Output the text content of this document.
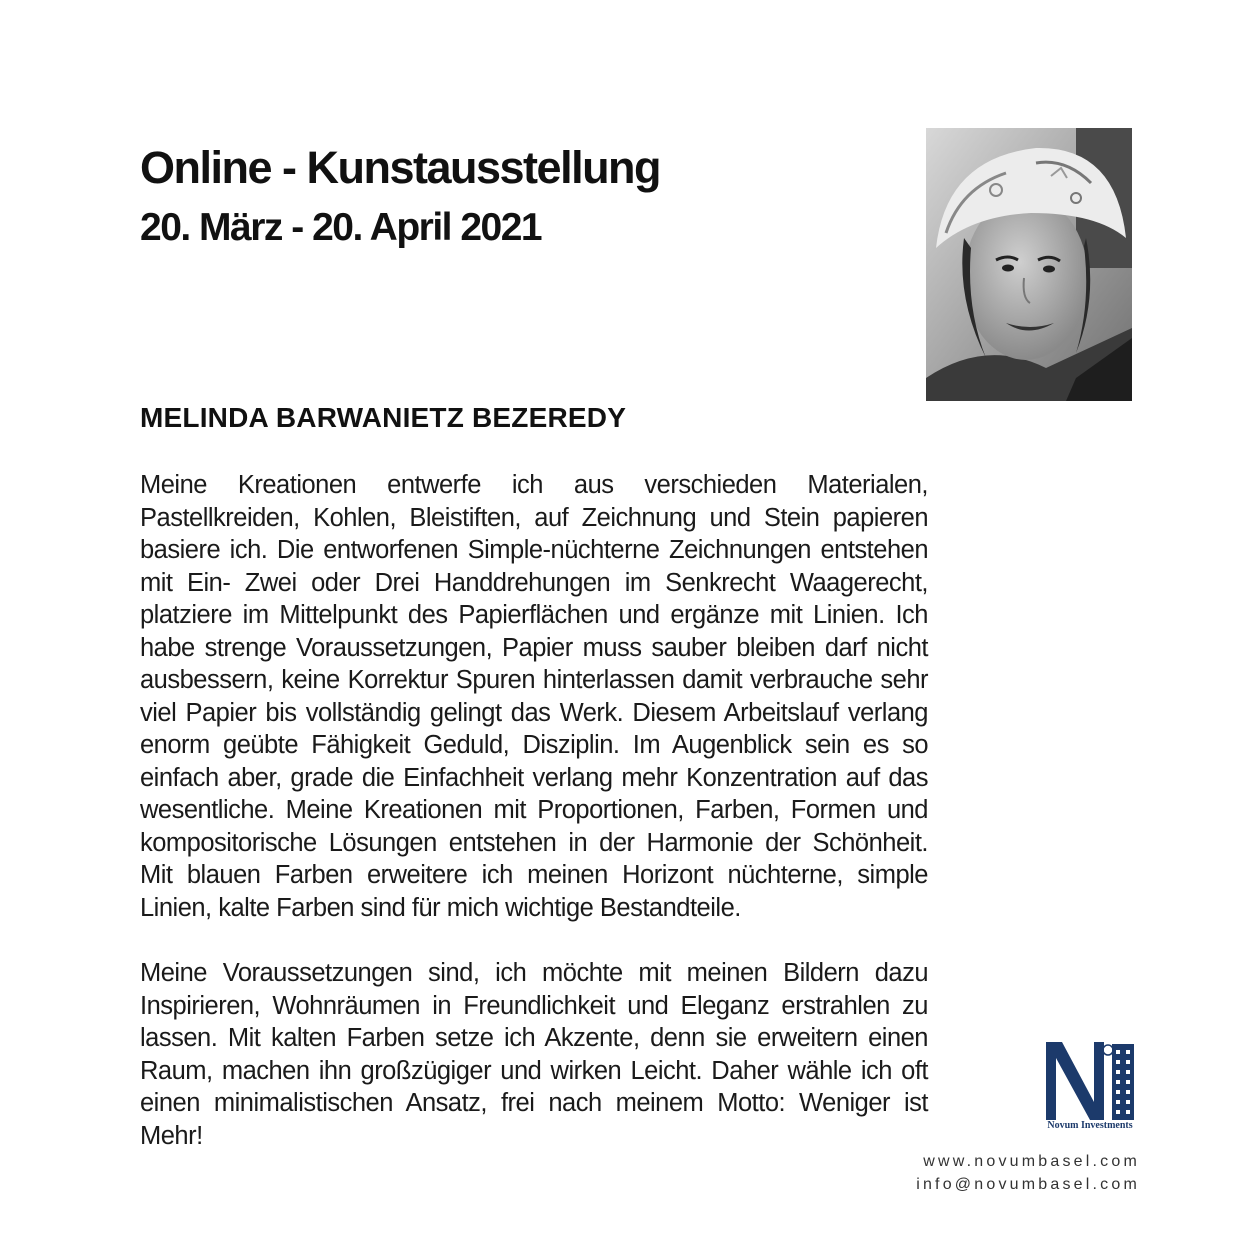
Online - Kunstausstellung
20. März - 20. April 2021
MELINDA BARWANIETZ BEZEREDY

Meine Kreationen entwerfe ich aus verschieden Materialen, Pastellkreiden, Kohlen, Bleistiften, auf Zeichnung und Stein papieren basiere ich. Die entworfenen Simple-nüchterne Zeichnungen entstehen mit Ein- Zwei oder Drei Handdrehungen im Senkrecht Waagerecht, platziere im Mittelpunkt des Papierflächen und ergänze mit Linien. Ich habe strenge Voraussetzungen, Papier muss sauber bleiben darf nicht ausbessern, keine Korrektur Spuren hinterlassen damit verbrauche sehr viel Papier bis vollständig gelingt das Werk. Diesem Arbeitslauf verlang enorm geübte Fähigkeit Geduld, Disziplin. Im Augenblick sein es so einfach aber, grade die Einfachheit verlang mehr Konzentration auf das wesentliche. Meine Kreationen mit Proportionen, Farben, Formen und kompositorische Lösungen entstehen in der Harmonie der Schönheit. Mit blauen Farben erweitere ich meinen Horizont nüchterne, simple Linien, kalte Farben sind für mich wichtige Bestandteile.

Meine Voraussetzungen sind, ich möchte mit meinen Bildern dazu Inspirieren, Wohnräumen in Freundlichkeit und Eleganz erstrahlen zu lassen. Mit kalten Farben setze ich Akzente, denn sie erweitern einen Raum, machen ihn großzügiger und wirken Leicht. Daher wähle ich oft einen minimalistischen Ansatz, frei nach meinem Motto: Weniger ist Mehr!	Novum Investments

www.novumbasel.com

info@novumbasel.com
